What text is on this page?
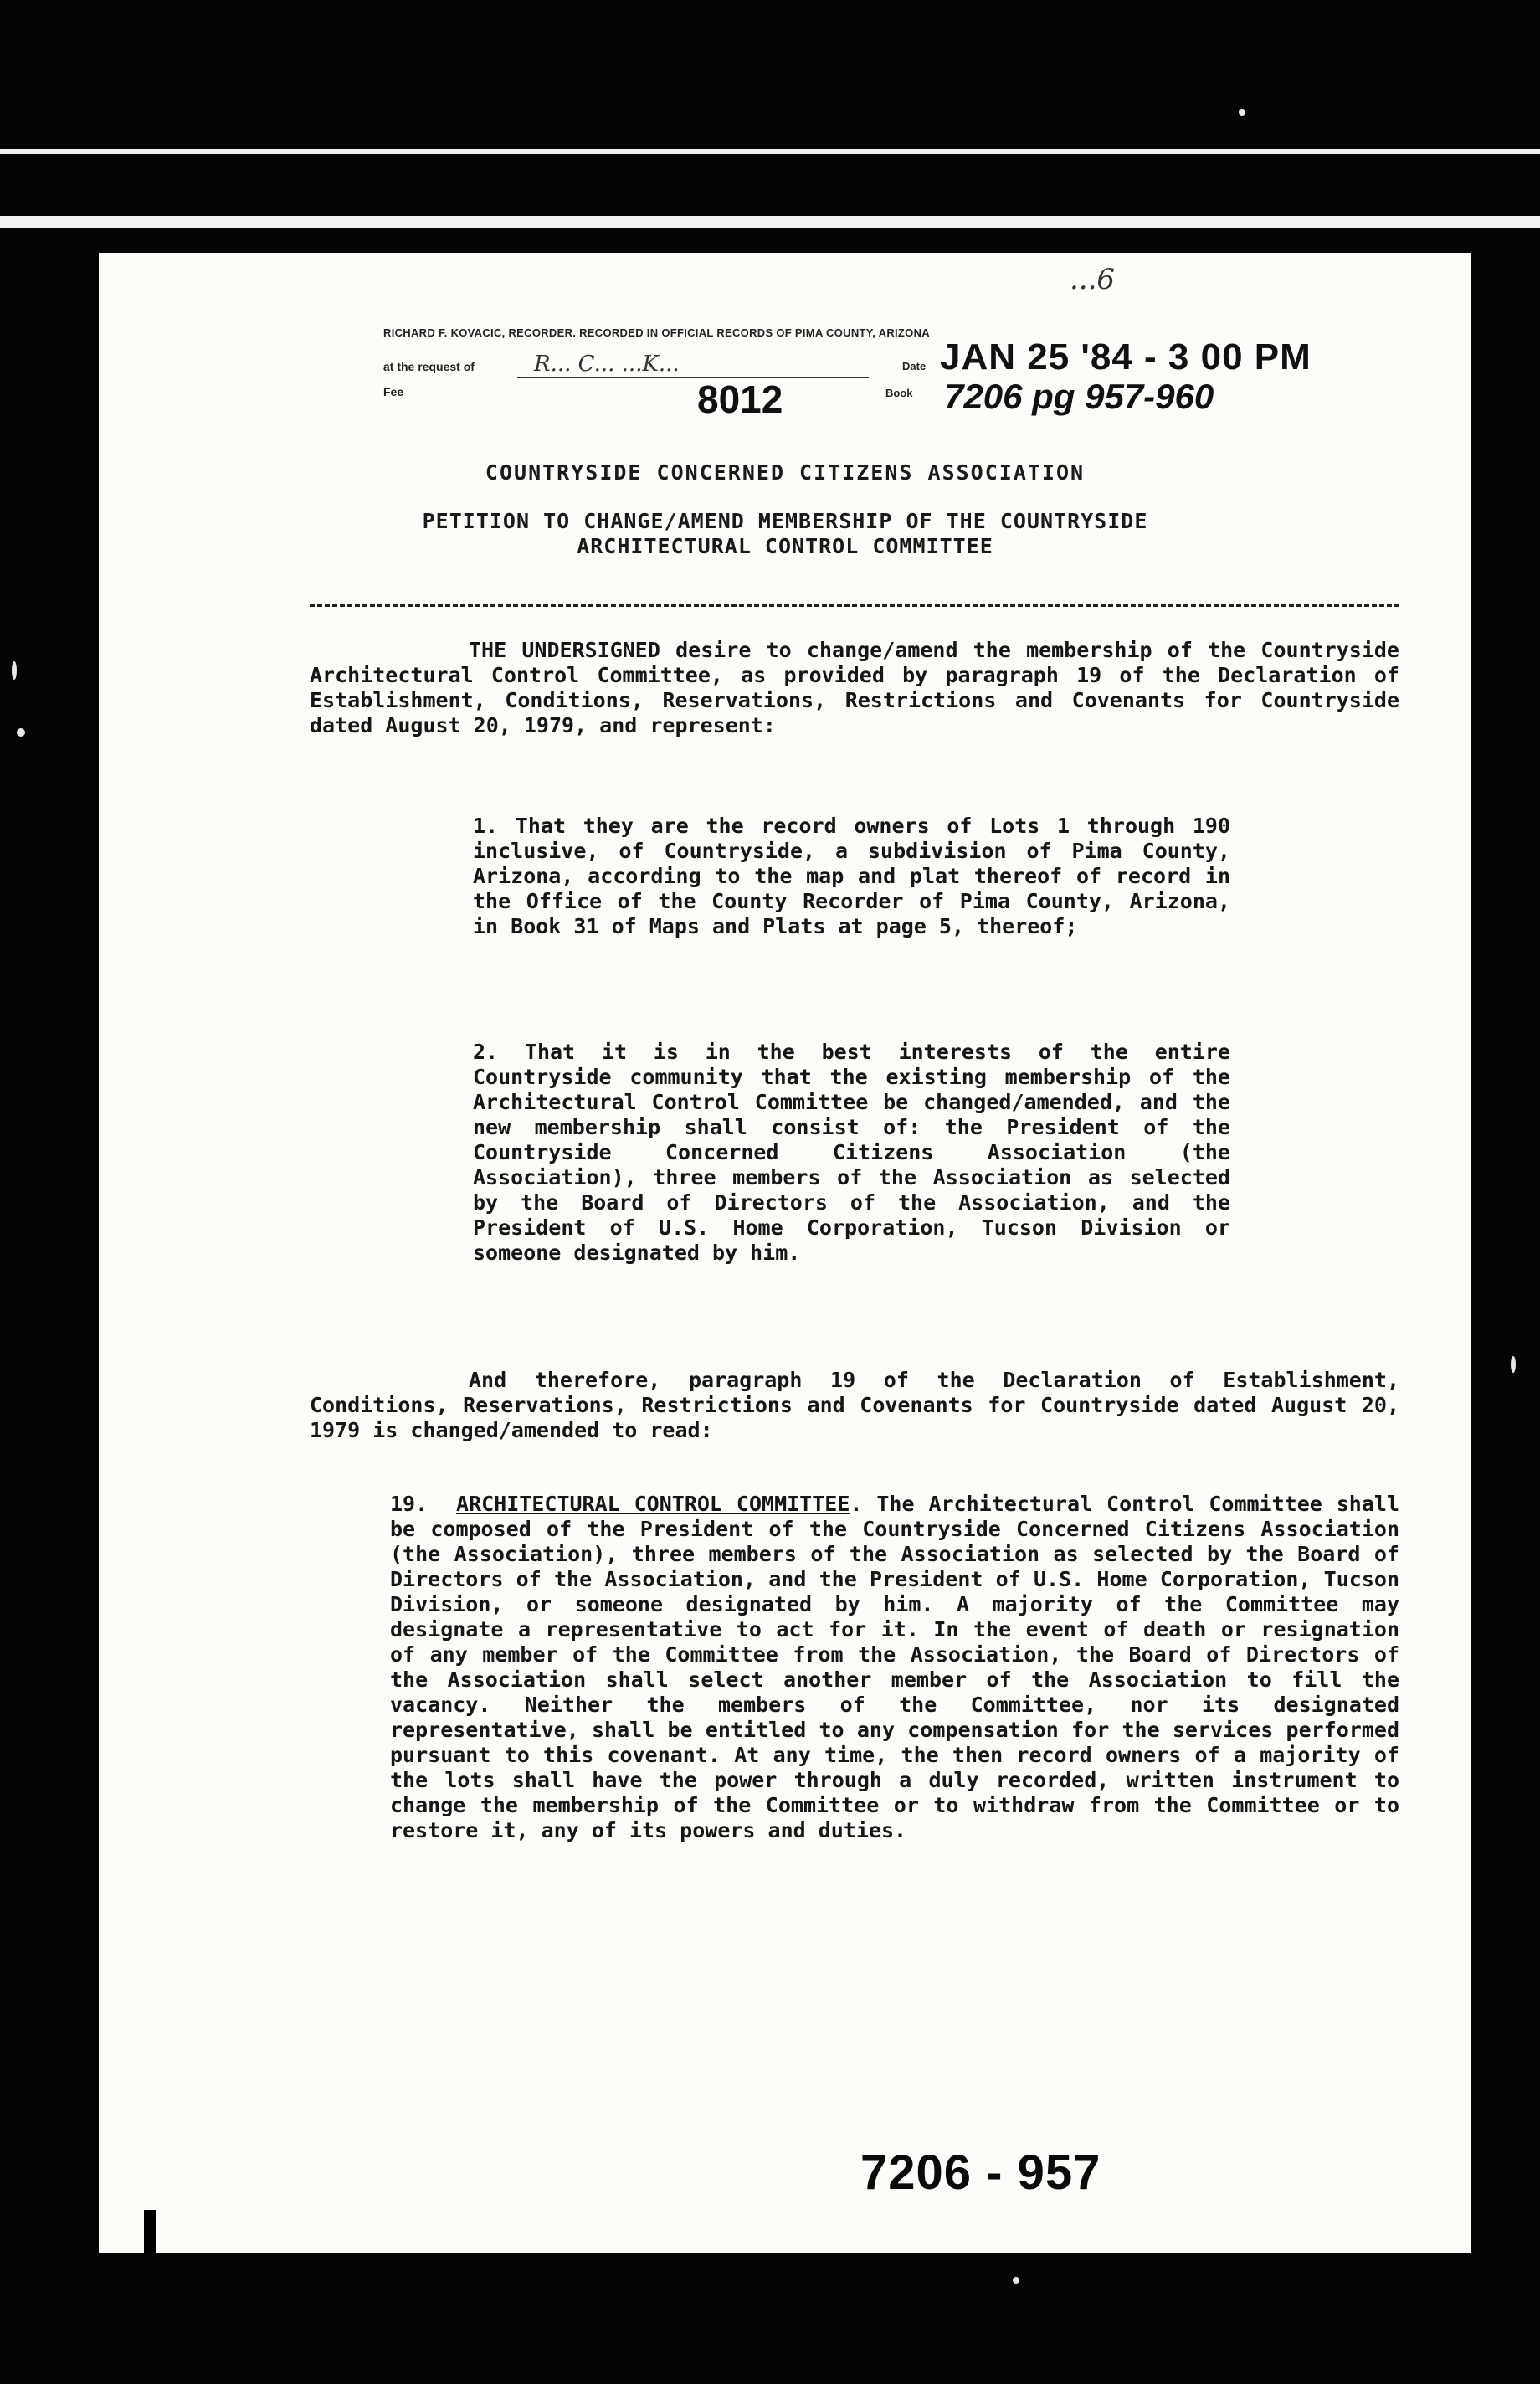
...6
RICHARD F. KOVACIC, RECORDER. RECORDED IN OFFICIAL RECORDS OF PIMA COUNTY, ARIZONA
at the request of	R... C... ...K...	Date JAN 25 '84 - 3 00 PM
Fee	8012	Book 7206 pg 957-960
COUNTRYSIDE CONCERNED CITIZENS ASSOCIATION
PETITION TO CHANGE/AMEND MEMBERSHIP OF THE COUNTRYSIDE
ARCHITECTURAL CONTROL COMMITTEE

THE UNDERSIGNED desire to change/amend the membership of the Countryside Architectural Control Committee, as provided by paragraph 19 of the Declaration of Establishment, Conditions, Reservations, Restrictions and Covenants for Countryside dated August 20, 1979, and represent:

1. That they are the record owners of Lots 1 through 190 inclusive, of Countryside, a subdivision of Pima County, Arizona, according to the map and plat thereof of record in the Office of the County Recorder of Pima County, Arizona, in Book 31 of Maps and Plats at page 5, thereof;

2. That it is in the best interests of the entire Countryside community that the existing membership of the Architectural Control Committee be changed/amended, and the new membership shall consist of: the President of the Countryside Concerned Citizens Association (the Association), three members of the Association as selected by the Board of Directors of the Association, and the President of U.S. Home Corporation, Tucson Division or someone designated by him.

And therefore, paragraph 19 of the Declaration of Establishment, Conditions, Reservations, Restrictions and Covenants for Countryside dated August 20, 1979 is changed/amended to read:

19. ARCHITECTURAL CONTROL COMMITTEE. The Architectural Control Committee shall be composed of the President of the Countryside Concerned Citizens Association (the Association), three members of the Association as selected by the Board of Directors of the Association, and the President of U.S. Home Corporation, Tucson Division, or someone designated by him. A majority of the Committee may designate a representative to act for it. In the event of death or resignation of any member of the Committee from the Association, the Board of Directors of the Association shall select another member of the Association to fill the vacancy. Neither the members of the Committee, nor its designated representative, shall be entitled to any compensation for the services performed pursuant to this covenant. At any time, the then record owners of a majority of the lots shall have the power through a duly recorded, written instrument to change the membership of the Committee or to withdraw from the Committee or to restore it, any of its powers and duties.

7206 - 957
